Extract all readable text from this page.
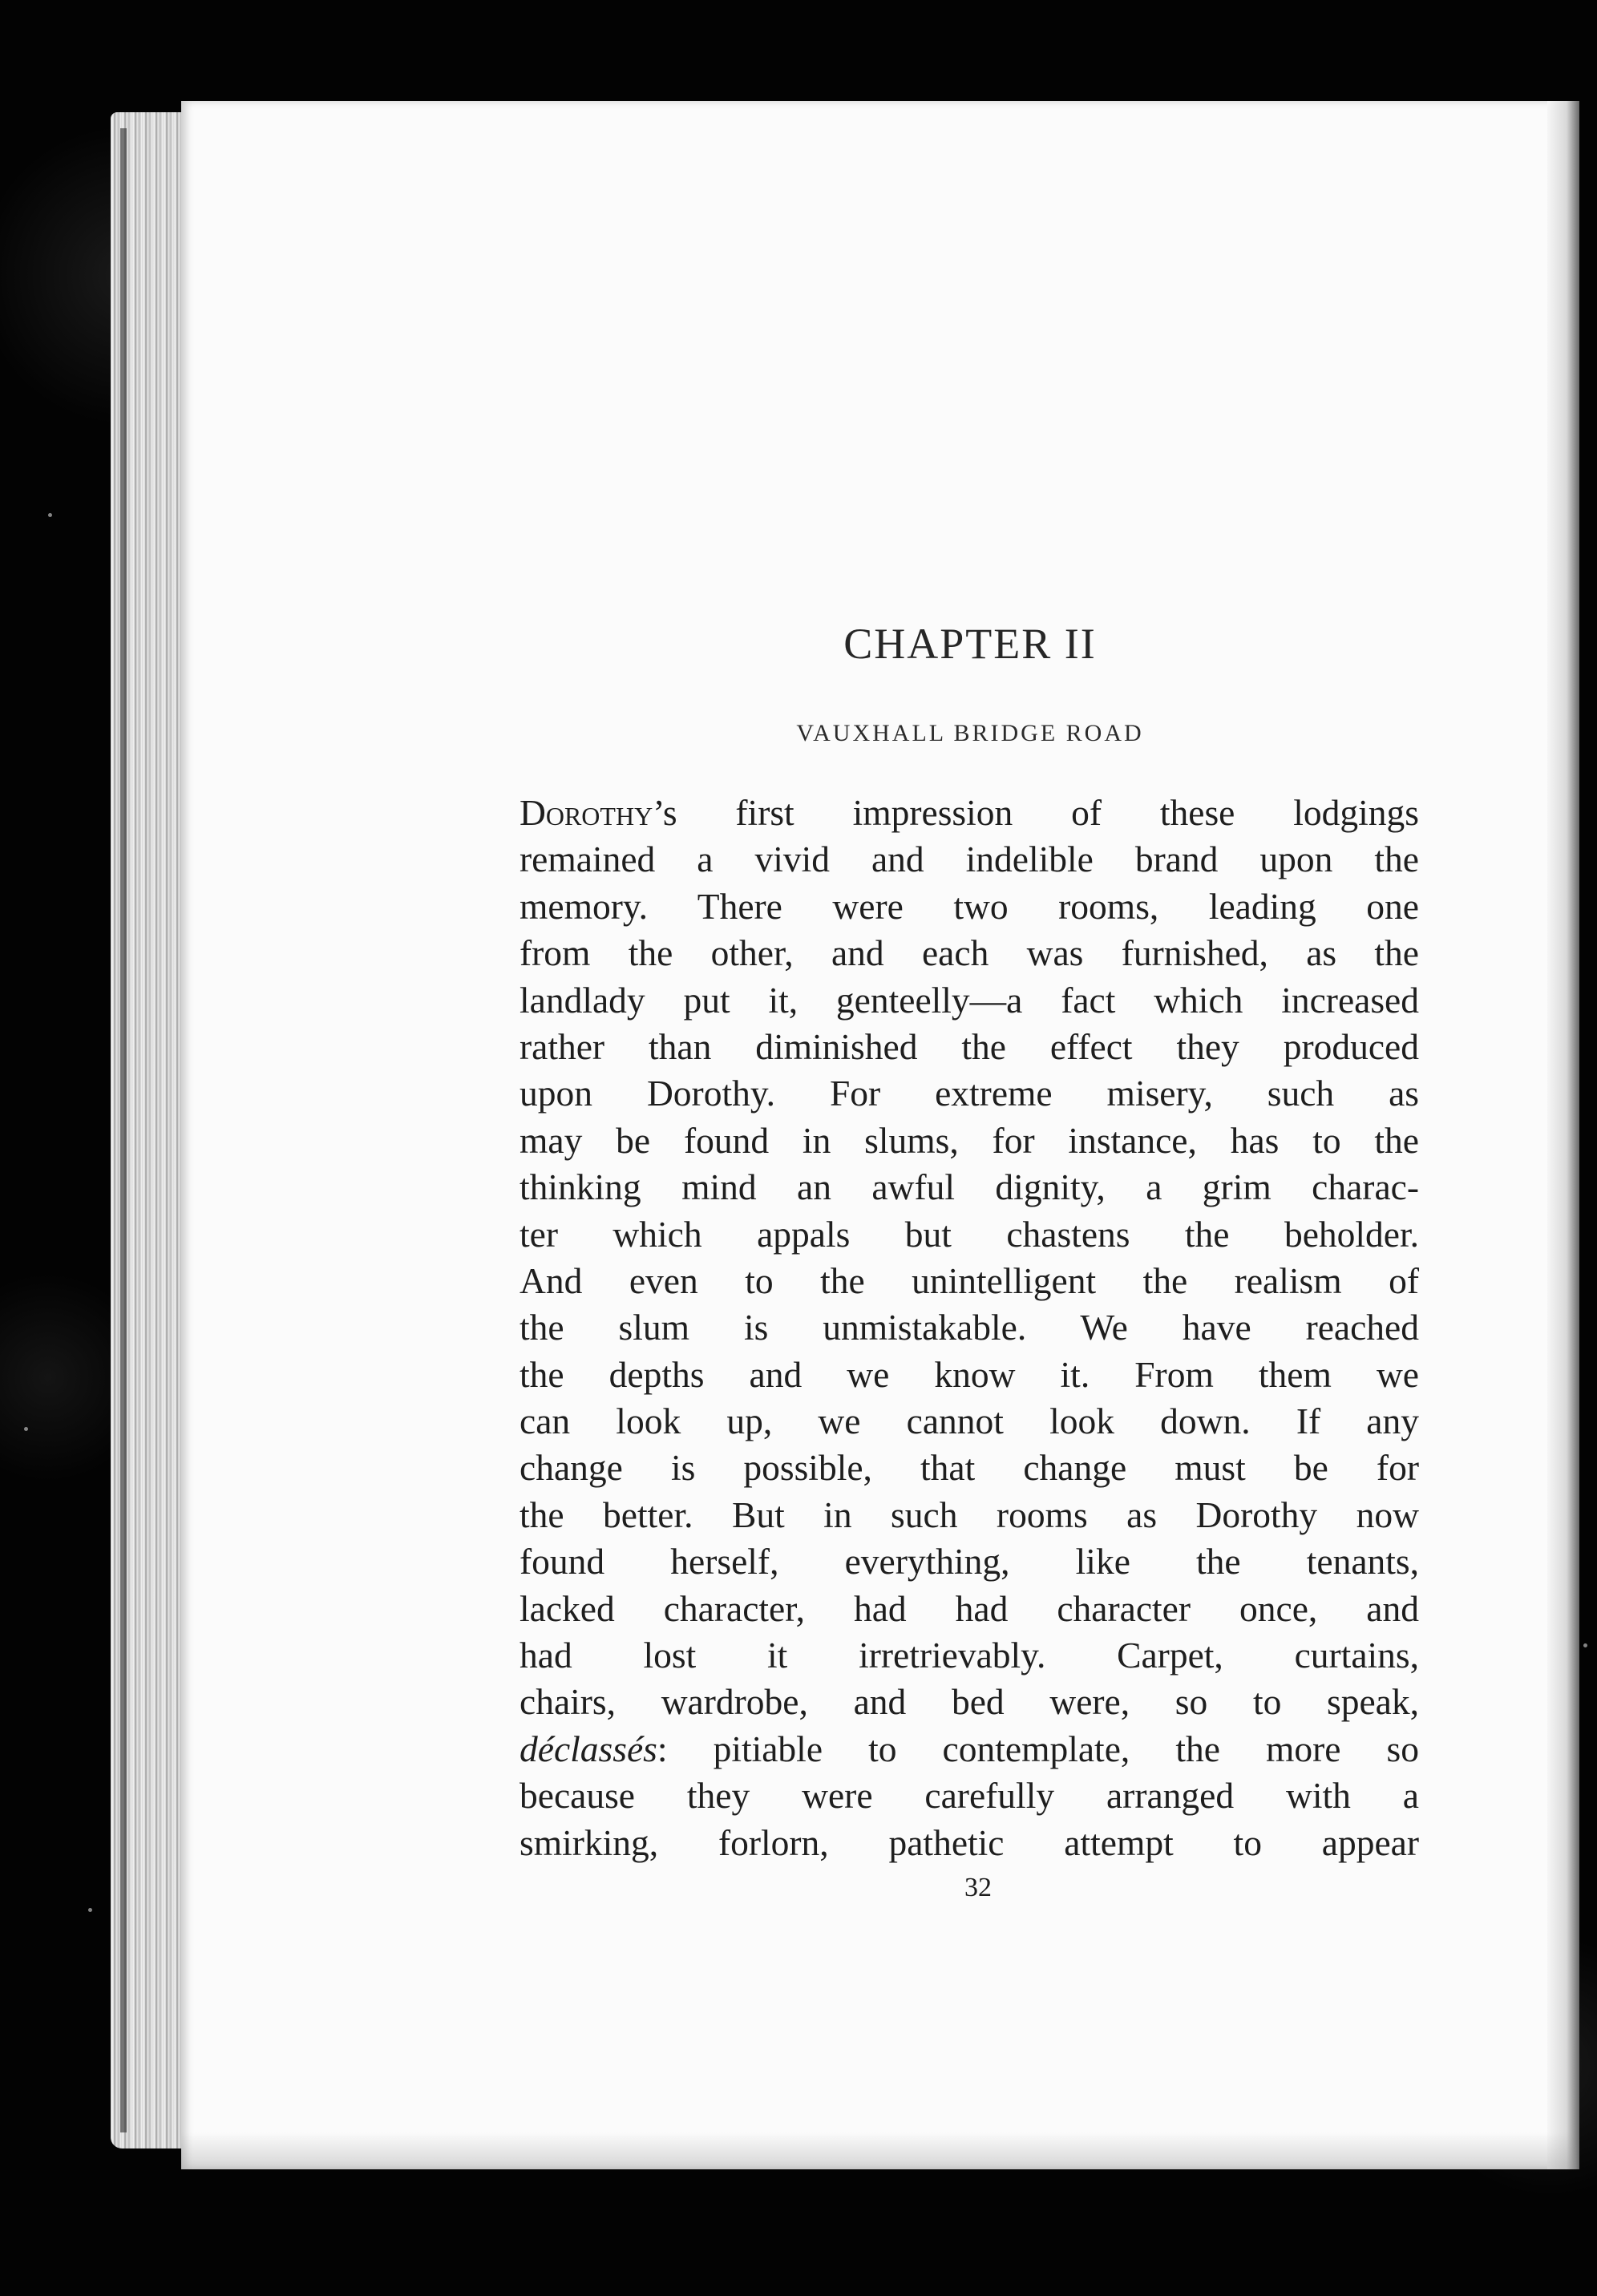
CHAPTER II
VAUXHALL BRIDGE ROAD
Dorothy’s first impression of these lodgings
remained a vivid and indelible brand upon the
memory. There were two rooms, leading one
from the other, and each was furnished, as the
landlady put it, genteelly—a fact which increased
rather than diminished the effect they produced
upon Dorothy. For extreme misery, such as
may be found in slums, for instance, has to the
thinking mind an awful dignity, a grim charac-
ter which appals but chastens the beholder.
And even to the unintelligent the realism of
the slum is unmistakable. We have reached
the depths and we know it. From them we
can look up, we cannot look down. If any
change is possible, that change must be for
the better. But in such rooms as Dorothy now
found herself, everything, like the tenants,
lacked character, had had character once, and
had lost it irretrievably. Carpet, curtains,
chairs, wardrobe, and bed were, so to speak,
déclassés: pitiable to contemplate, the more so
because they were carefully arranged with a
smirking, forlorn, pathetic attempt to appear

32
